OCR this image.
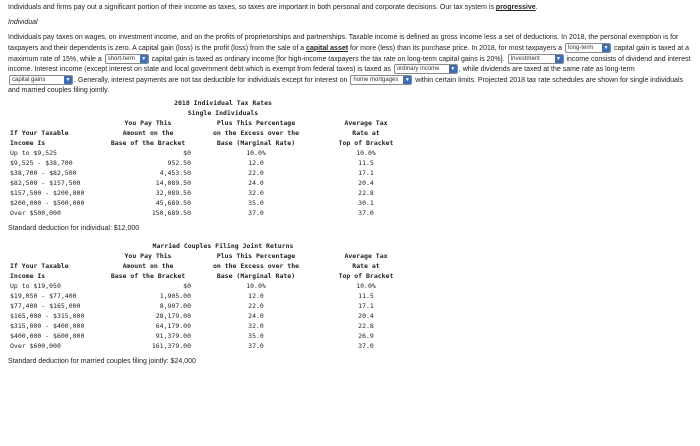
Individuals and firms pay out a significant portion of their income as taxes, so taxes are important in both personal and corporate decisions. Our tax system is progressive.

Individual

Individuals pay taxes on wages, on investment income, and on the profits of proprietorships and partnerships. Taxable income is defined as gross income less a set of deductions. In 2018, the personal exemption is for taxpayers and their dependents is zero. A capital gain (loss) is the profit (loss) from the sale of a capital asset for more (less) than its purchase price. In 2018, for most taxpayers a long-term	▼ capital gain is taxed at a maximum rate of 15%, while a short-term	▼ capital gain is taxed as ordinary income [for high-income taxpayers the tax rate on long-term capital gains is 20%]. Investment	▼ income consists of dividend and interest income. Interest income (except interest on state and local government debt which is exempt from federal taxes) is taxed as ordinary income	▼ , while dividends are taxed at the same rate as long-term
capital gains	▼ . Generally, interest payments are not tax deductible for individuals except for interest on home mortgages	▼ within certain limits. Projected 2018 tax rate schedules are shown for single individuals and married couples filing jointly.

	2018 Individual Tax Rates		
	Single Individuals		
	You Pay This	Plus This Percentage	Average Tax
If Your Taxable	Amount on the	on the Excess over the	Rate at
Income Is	Base of the Bracket	Base (Marginal Rate)	Top of Bracket
Up to $9,525	$0	10.0%	10.0%
$9,525 - $38,700	952.50	12.0	11.5
$38,700 - $82,500	4,453.50	22.0	17.1
$82,500 - $157,500	14,089.50	24.0	20.4
$157,500 - $200,000	32,089.50	32.0	22.8
$200,000 - $500,000	45,689.50	35.0	30.1
Over $500,000	150,689.50	37.0	37.0

Standard deduction for individual: $12,000

	Married Couples Filing Joint Returns		
	You Pay This	Plus This Percentage	Average Tax
If Your Taxable	Amount on the	on the Excess over the	Rate at
Income Is	Base of the Bracket	Base (Marginal Rate)	Top of Bracket
Up to $19,050	$0	10.0%	10.0%
$19,050 - $77,400	1,905.00	12.0	11.5
$77,400 - $165,000	8,907.00	22.0	17.1
$165,000 - $315,000	28,179.00	24.0	20.4
$315,000 - $400,000	64,179.00	32.0	22.8
$400,000 - $600,000	91,379.00	35.0	26.9
Over $600,000	161,379.00	37.0	37.0

Standard deduction for married couples filing jointly: $24,000
